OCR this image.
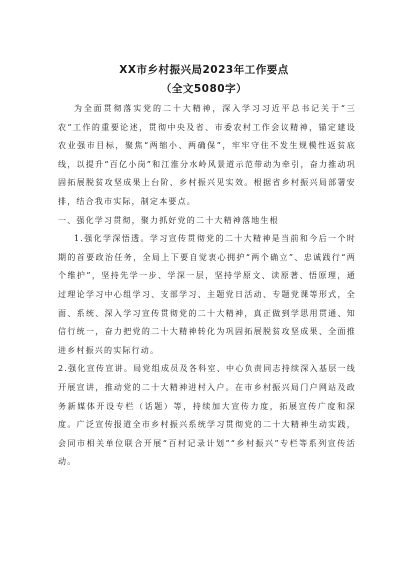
XX市乡村振兴局2023年工作要点
（全文5080字）

为全面贯彻落实党的二十大精神，深入学习习近平总书记关于“三农”工作的重要论述，贯彻中央及省、市委农村工作会议精神，锚定建设农业强市目标，聚焦“两缩小、两确保”，牢牢守住不发生规模性返贫底线，以提升“百亿小岗”和江淮分水岭风景道示范带动为牵引，奋力推动巩固拓展脱贫攻坚成果上台阶、乡村振兴见实效。根据省乡村振兴局部署安排，结合我市实际，制定本要点。

一、强化学习贯彻，聚力抓好党的二十大精神落地生根

1.强化学深悟透。学习宣传贯彻党的二十大精神是当前和今后一个时期的首要政治任务，全局上下要自觉衷心拥护“两个确立”、忠诚践行“两个维护”，坚持先学一步、学深一层，坚持学原文、读原著、悟原理，通过理论学习中心组学习、支部学习、主题党日活动、专题党课等形式，全面、系统、深入学习宣传贯彻党的二十大精神，真正做到学思用贯通、知信行统一，奋力把党的二十大精神转化为巩固拓展脱贫攻坚成果、全面推进乡村振兴的实际行动。

2.强化宣传宣讲。局党组成员及各科室、中心负责同志持续深入基层一线开展宣讲，推动党的二十大精神进村入户。在市乡村振兴局门户网站及政务新媒体开设专栏（话题）等，持续加大宣传力度，拓展宣传广度和深度。广泛宣传报道全市乡村振兴系统学习贯彻党的二十大精神生动实践，会同市相关单位联合开展“百村记录计划”“乡村振兴”专栏等系列宣传活动。
